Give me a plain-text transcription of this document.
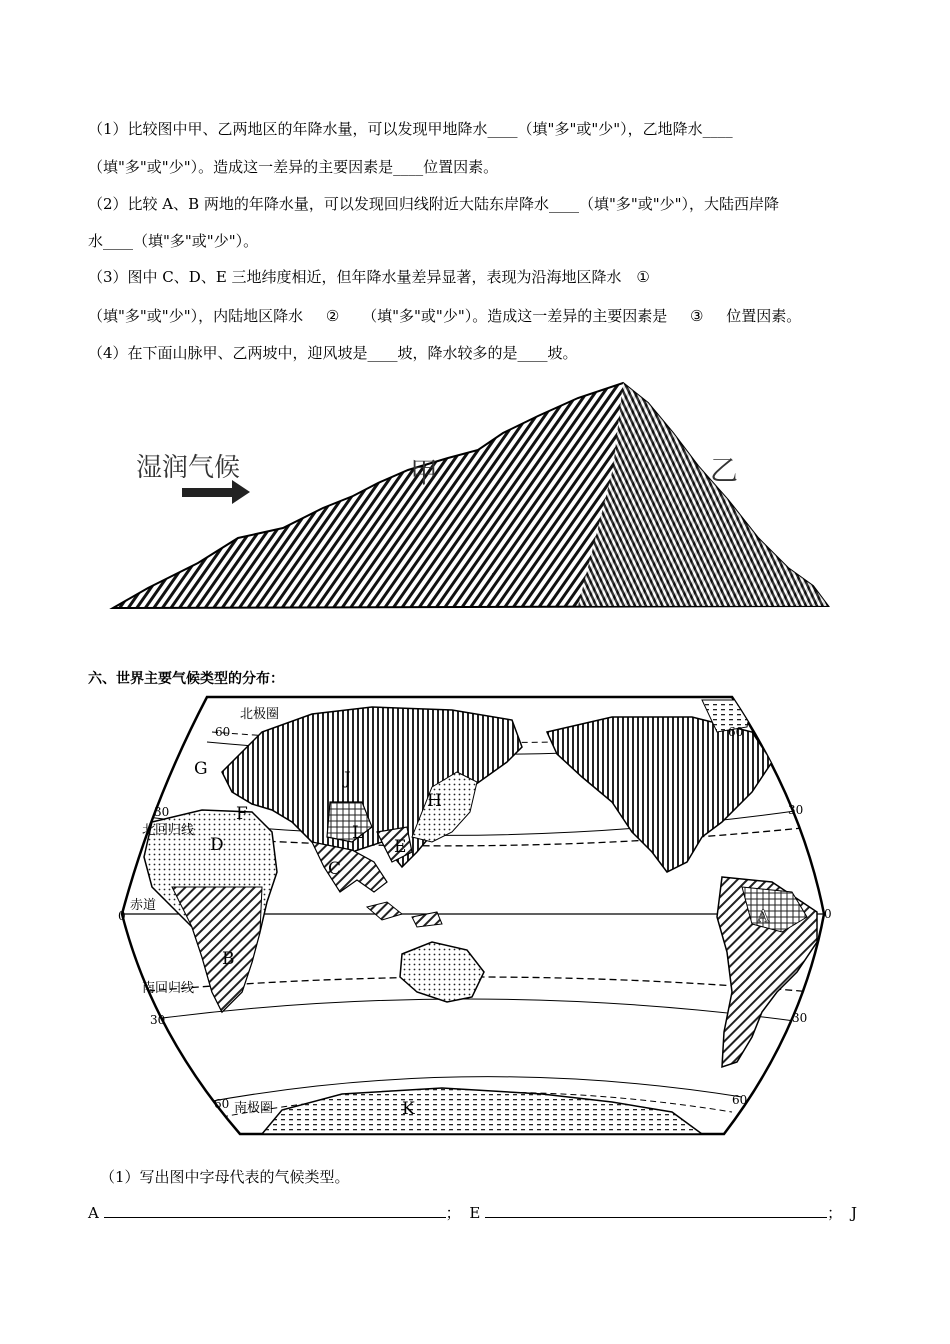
（1）比较图中甲、乙两地区的年降水量，可以发现甲地降水____（填"多"或"少"），乙地降水____
（填"多"或"少"）。造成这一差异的主要因素是____位置因素。
（2）比较 A、B 两地的年降水量，可以发现回归线附近大陆东岸降水____（填"多"或"少"），大陆西岸降
水____（填"多"或"少"）。
（3）图中 C、D、E 三地纬度相近，但年降水量差异显著，表现为沿海地区降水 ①
（填"多"或"少"），内陆地区降水 ② （填"多"或"少"）。造成这一差异的主要因素是 ③ 位置因素。
（4）在下面山脉甲、乙两坡中，迎风坡是____坡，降水较多的是____坡。
湿润气候	甲	乙
六、世界主要气候类型的分布：
北极圈
北回归线
赤道
南回归线
南极圈
60	60
30	30
0	0
30	30
60	60
A
B
C
D	E
F
G
H
J
K
L
（1）写出图中字母代表的气候类型。
A	； E	； J
